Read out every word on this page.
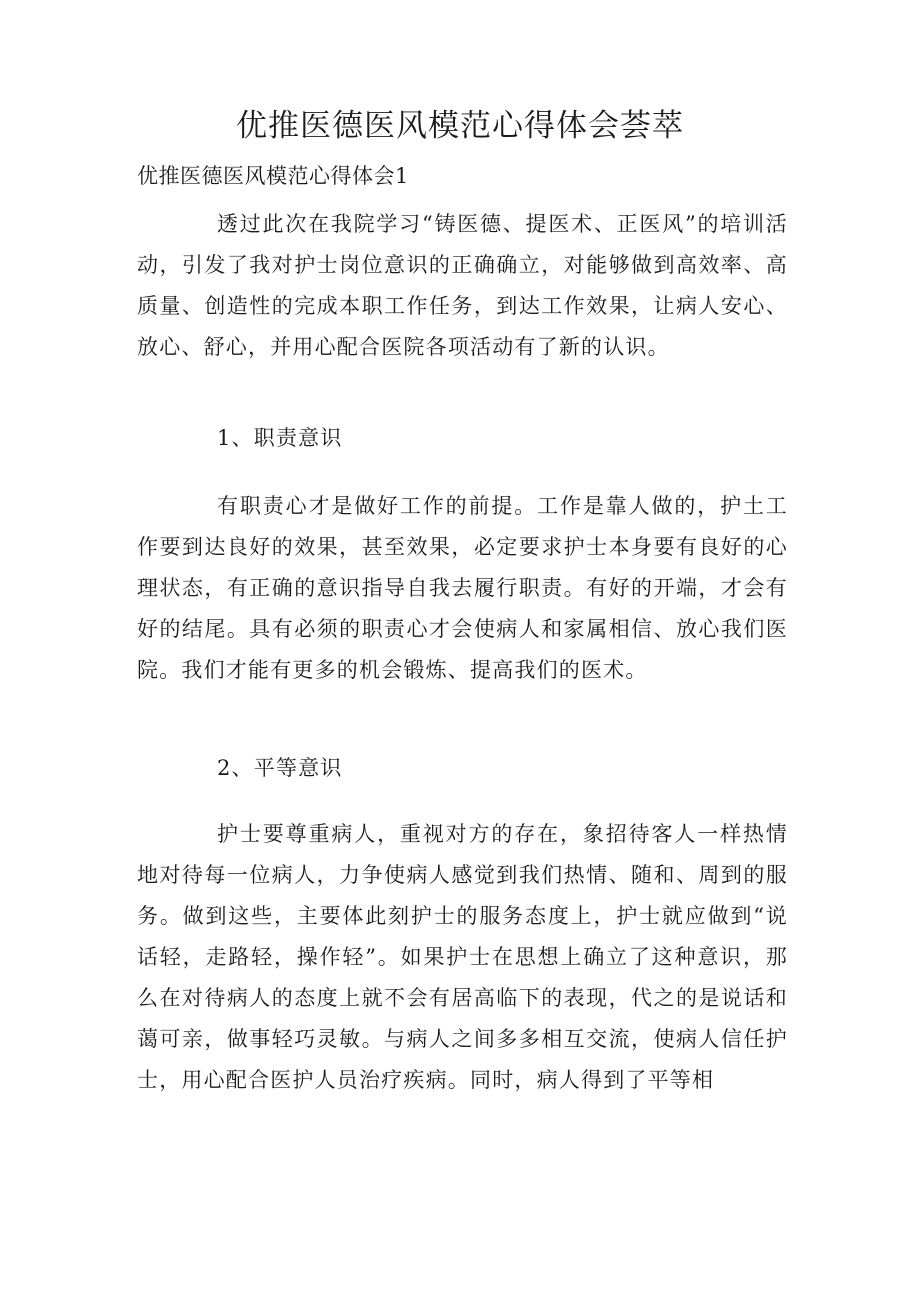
优推医德医风模范心得体会荟萃

优推医德医风模范心得体会1

透过此次在我院学习“铸医德、提医术、正医风”的培训活动，引发了我对护士岗位意识的正确确立，对能够做到高效率、高质量、创造性的完成本职工作任务，到达工作效果，让病人安心、放心、舒心，并用心配合医院各项活动有了新的认识。

1、职责意识

有职责心才是做好工作的前提。工作是靠人做的，护土工作要到达良好的效果，甚至效果，必定要求护士本身要有良好的心理状态，有正确的意识指导自我去履行职责。有好的开端，才会有好的结尾。具有必须的职责心才会使病人和家属相信、放心我们医院。我们才能有更多的机会锻炼、提高我们的医术。

2、平等意识

护士要尊重病人，重视对方的存在，象招待客人一样热情地对待每一位病人，力争使病人感觉到我们热情、随和、周到的服务。做到这些，主要体此刻护士的服务态度上，护士就应做到“说话轻，走路轻，操作轻”。如果护士在思想上确立了这种意识，那么在对待病人的态度上就不会有居高临下的表现，代之的是说话和蔼可亲，做事轻巧灵敏。与病人之间多多相互交流，使病人信任护士，用心配合医护人员治疗疾病。同时，病人得到了平等相
